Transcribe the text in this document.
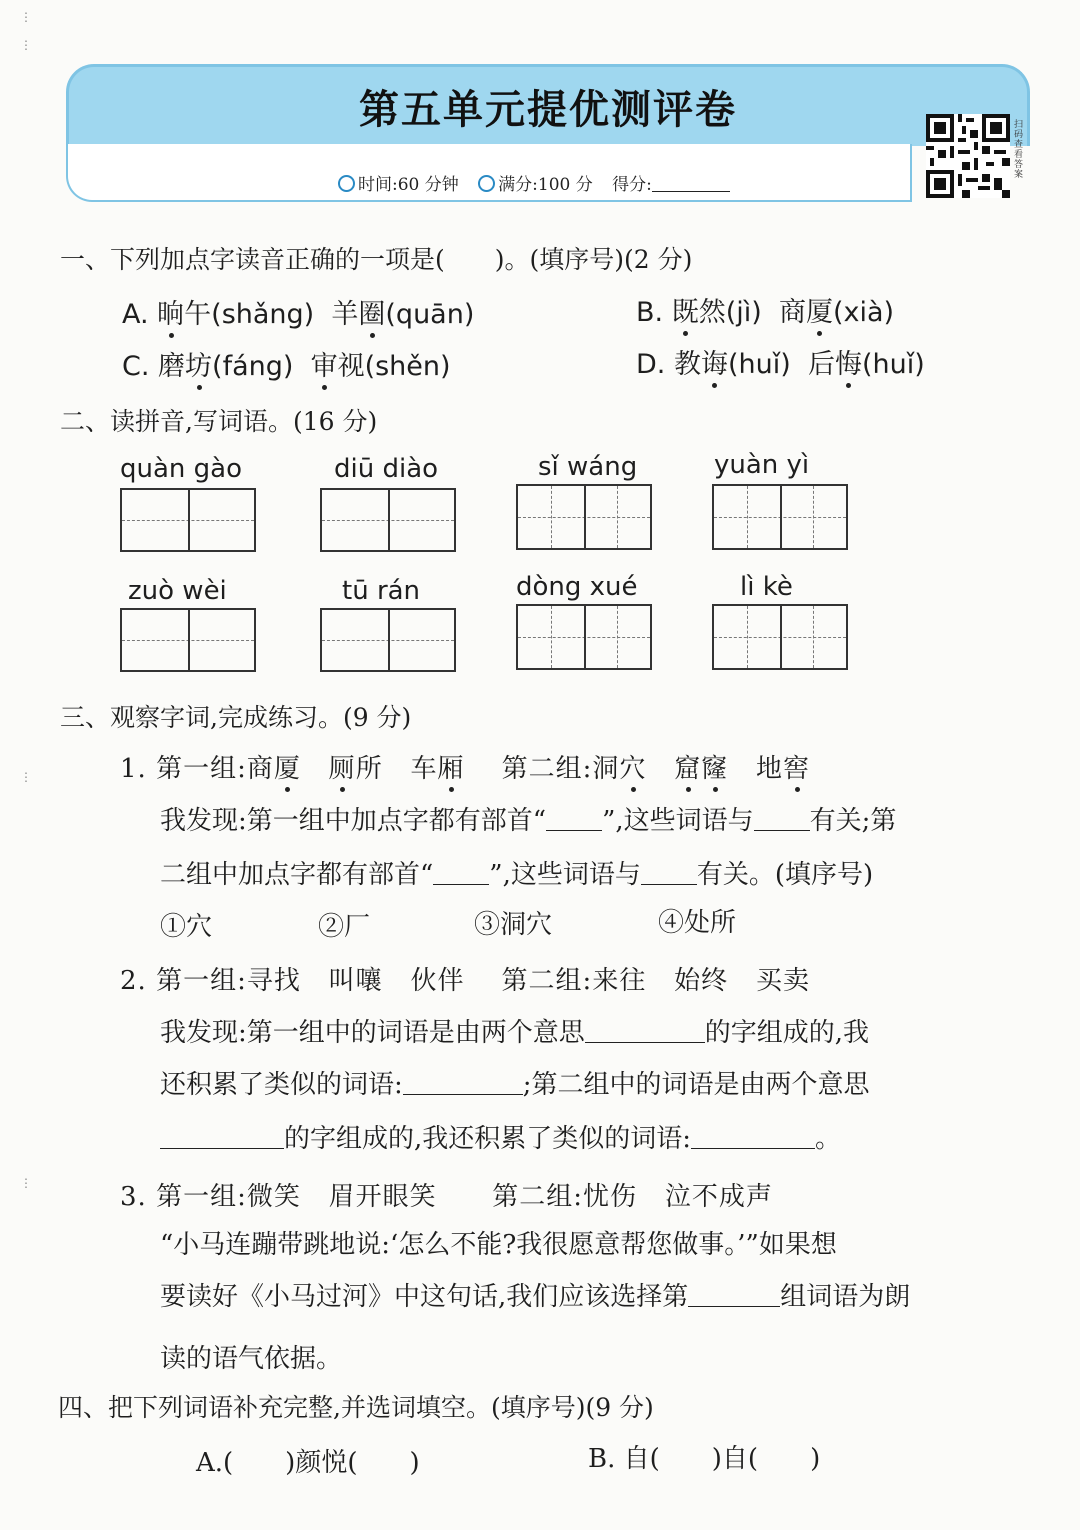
⋮

⋮
⋮
⋮
第五单元提优测评卷
时间:60 分钟 满分:100 分 得分:
扫码查看答案
一、下列加点字读音正确的一项是(　　)。(填序号)(2 分)
A. 晌午(shǎng) 羊圈(quān)	B. 既然(jì) 商厦(xià)
C. 磨坊(fáng) 审视(shěn)	D. 教诲(huǐ) 后悔(huǐ)
二、读拼音,写词语。(16 分)
quàn gào	diū diào	sǐ wáng	yuàn yì
zuò wèi	tū rán	dòng xué	lì kè
三、观察字词,完成练习。(9 分)
1. 第一组:商厦 厕所 车厢 第二组:洞穴 窟窿 地窖
我发现:第一组中加点字都有部首“ ”,这些词语与 有关;第
二组中加点字都有部首“ ”,这些词语与 有关。(填序号)
①穴	②厂	③洞穴	④处所
2. 第一组:寻找 叫嚷 伙伴 第二组:来往 始终 买卖
我发现:第一组中的词语是由两个意思	的字组成的,我
还积累了类似的词语:	;第二组中的词语是由两个意思
的字组成的,我还积累了类似的词语:	。
3. 第一组:微笑 眉开眼笑 第二组:忧伤 泣不成声
“小马连蹦带跳地说:‘怎么不能?我很愿意帮您做事。’”如果想
要读好《小马过河》中这句话,我们应该选择第	组词语为朗
读的语气依据。
四、把下列词语补充完整,并选词填空。(填序号)(9 分)
A.(　　)颜悦(　　)	B. 自(　　)自(　　)
